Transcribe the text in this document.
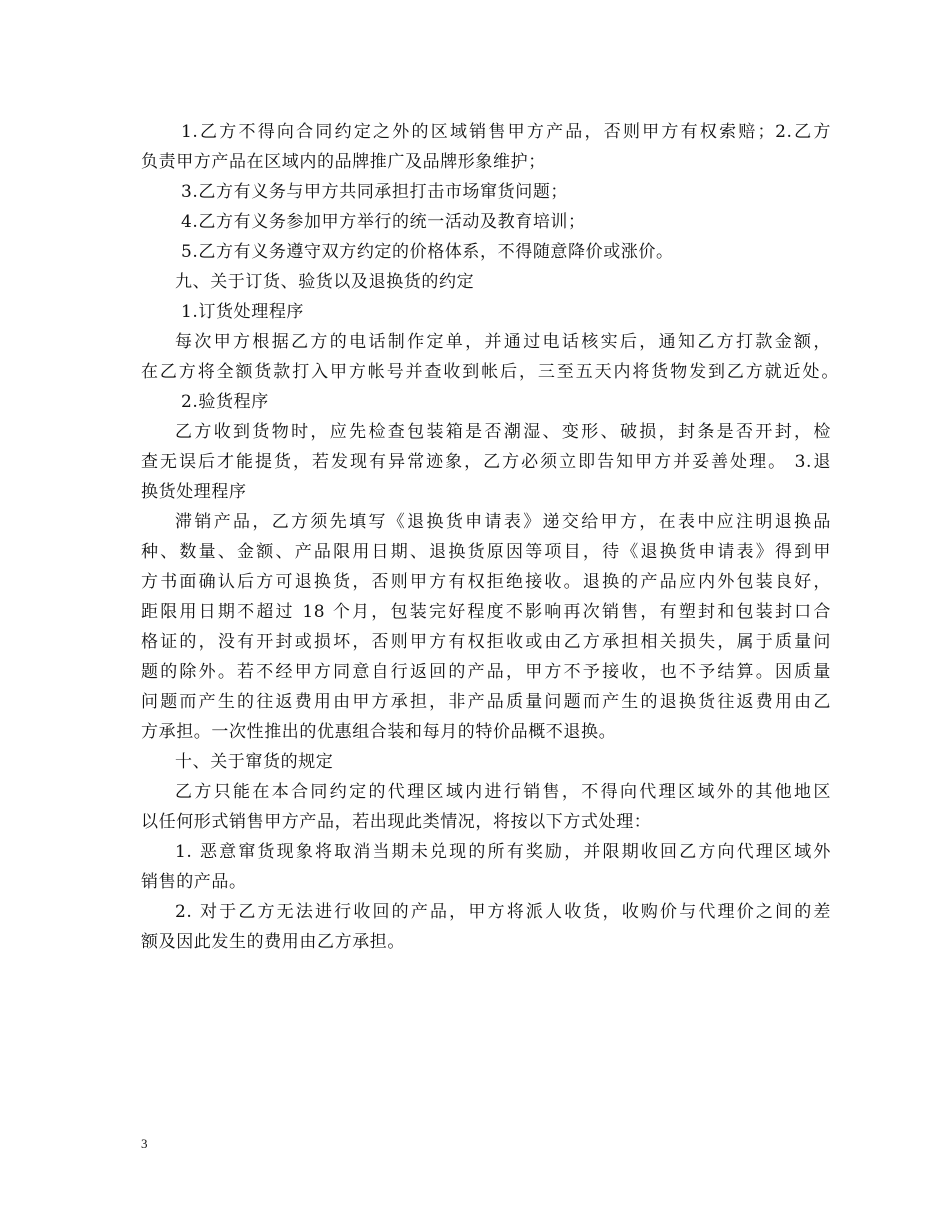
1.乙方不得向合同约定之外的区域销售甲方产品，否则甲方有权索赔；2.乙方
负责甲方产品在区域内的品牌推广及品牌形象维护；
3.乙方有义务与甲方共同承担打击市场窜货问题；
4.乙方有义务参加甲方举行的统一活动及教育培训；
5.乙方有义务遵守双方约定的价格体系，不得随意降价或涨价。
九、关于订货、验货以及退换货的约定
1.订货处理程序
每次甲方根据乙方的电话制作定单，并通过电话核实后，通知乙方打款金额，
在乙方将全额货款打入甲方帐号并查收到帐后，三至五天内将货物发到乙方就近处。
2.验货程序
乙方收到货物时，应先检查包装箱是否潮湿、变形、破损，封条是否开封，检
查无误后才能提货，若发现有异常迹象，乙方必须立即告知甲方并妥善处理。 3.退
换货处理程序
滞销产品，乙方须先填写《退换货申请表》递交给甲方，在表中应注明退换品
种、数量、金额、产品限用日期、退换货原因等项目，待《退换货申请表》得到甲
方书面确认后方可退换货，否则甲方有权拒绝接收。退换的产品应内外包装良好，
距限用日期不超过 18 个月，包装完好程度不影响再次销售，有塑封和包装封口合
格证的，没有开封或损坏，否则甲方有权拒收或由乙方承担相关损失，属于质量问
题的除外。若不经甲方同意自行返回的产品，甲方不予接收，也不予结算。因质量
问题而产生的往返费用由甲方承担，非产品质量问题而产生的退换货往返费用由乙
方承担。一次性推出的优惠组合装和每月的特价品概不退换。
十、关于窜货的规定
乙方只能在本合同约定的代理区域内进行销售，不得向代理区域外的其他地区
以任何形式销售甲方产品，若出现此类情况，将按以下方式处理：
1. 恶意窜货现象将取消当期未兑现的所有奖励，并限期收回乙方向代理区域外
销售的产品。
2. 对于乙方无法进行收回的产品，甲方将派人收货，收购价与代理价之间的差
额及因此发生的费用由乙方承担。
3
